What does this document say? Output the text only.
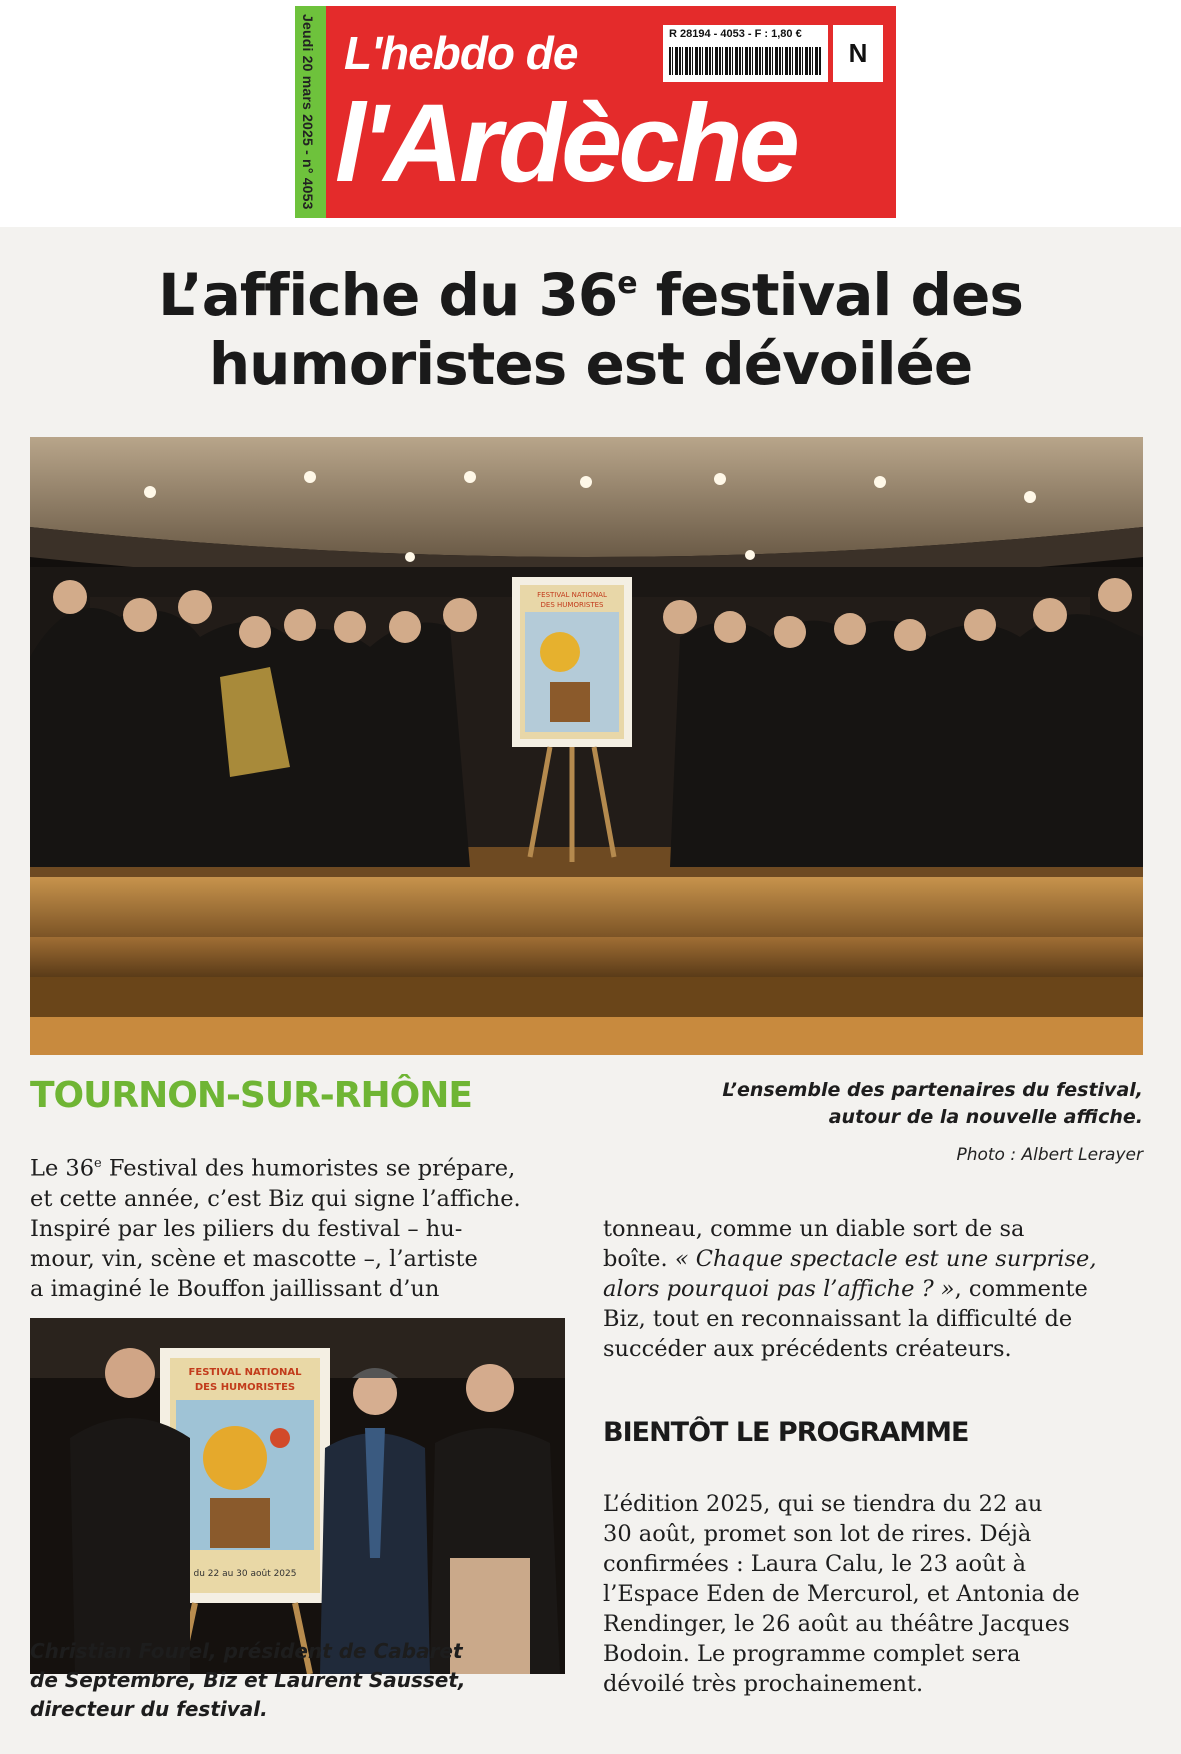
Jeudi 20 mars 2025 - n° 4053 L'hebdo de
l'Ardèche
R 28194 - 4053 - F : 1,80 €
N
L’affiche du 36e festival des
humoristes est dévoilée
FESTIVAL NATIONAL
DES HUMORISTES
TOURNON-SUR-RHÔNE	L’ensemble des partenaires du festival,
autour de la nouvelle affiche.
Photo : Albert Lerayer
Le 36e Festival des humoristes se prépare,
et cette année, c’est Biz qui signe l’affiche.
Inspiré par les piliers du festival – hu-
mour, vin, scène et mascotte –, l’artiste
a imaginé le Bouffon jaillissant d’un
tonneau, comme un diable sort de sa
boîte. « Chaque spectacle est une surprise,
alors pourquoi pas l’affiche ? », commente
Biz, tout en reconnaissant la difficulté de
succéder aux précédents créateurs.
BIENTÔT LE PROGRAMME
L’édition 2025, qui se tiendra du 22 au
30 août, promet son lot de rires. Déjà
confirmées : Laura Calu, le 23 août à
l’Espace Eden de Mercurol, et Antonia de
Rendinger, le 26 août au théâtre Jacques
Bodoin. Le programme complet sera
dévoilé très prochainement.
FESTIVAL NATIONAL
DES HUMORISTES
du 22 au 30 août 2025
Christian Fourel, président de Cabaret
de Septembre, Biz et Laurent Sausset,
directeur du festival.
